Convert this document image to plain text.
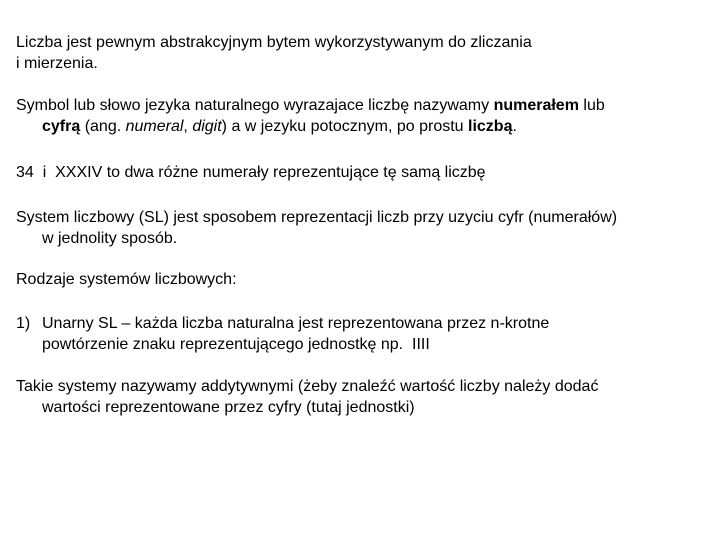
Liczba jest pewnym abstrakcyjnym bytem wykorzystywanym do zliczania
i mierzenia.

Symbol lub słowo jezyka naturalnego wyrazajace liczbę nazywamy numerałem lub
cyfrą (ang. numeral, digit) a w jezyku potocznym, po prostu liczbą.

34  i  XXXIV to dwa różne numerały reprezentujące tę samą liczbę

System liczbowy (SL) jest sposobem reprezentacji liczb przy uzyciu cyfr (numerałów)
w jednolity sposób.

Rodzaje systemów liczbowych:

1) Unarny SL – każda liczba naturalna jest reprezentowana przez n-krotne
powtórzenie znaku reprezentującego jednostkę np.  IIII

Takie systemy nazywamy addytywnymi (żeby znaleźć wartość liczby należy dodać
wartości reprezentowane przez cyfry (tutaj jednostki)
